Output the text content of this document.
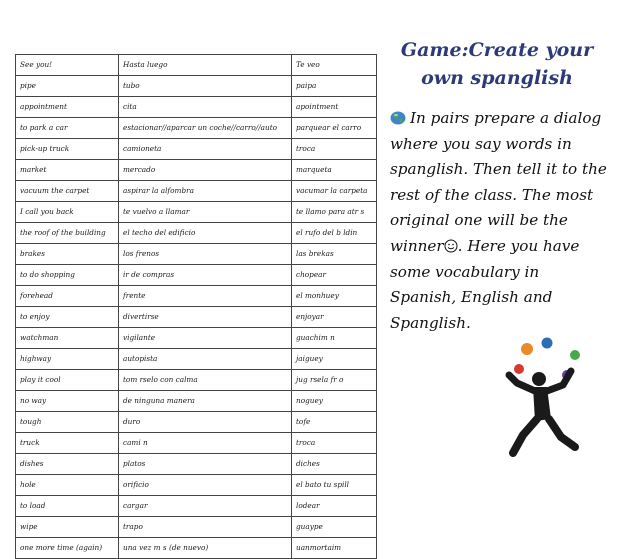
See you!	Hasta luego	Te veo
pipe	tubo	paipa
appointment	cita	apointment
to park a car	estacionar//aparcar un coche//carro//auto	parquear el carro
pick-up truck	camioneta	troca
market	mercado	marqueta
vacuum the carpet	aspirar la alfombra	vacumar la carpeta
I call you back	te vuelvo a llamar	te llamo para atr s
the roof of the building	el techo del edificio	el rufo del b ldin
brakes	los frenos	las brekas
to do shopping	ir de compras	chopear
forehead	frente	el monhuey
to enjoy	divertirse	enjoyar
watchman	vigilante	guachim n
highway	autopista	jaiguey
play it cool	tom rselo con calma	jug rsela fr o
no way	de ninguna manera	noguey
tough	duro	tofe
truck	cami n	troca
dishes	platos	diches
hole	orificio	el bato tu spill
to load	cargar	lodear
wipe	trapo	guaype
one more time (again)	una vez m s (de nuevo)	uanmortaim
Game:Create your
own spanglish

In pairs prepare a dialog where you say words in spanglish. Then tell it to the rest of the class. The most original one will be the winner . Here you have some vocabulary in Spanish, English and Spanglish.
